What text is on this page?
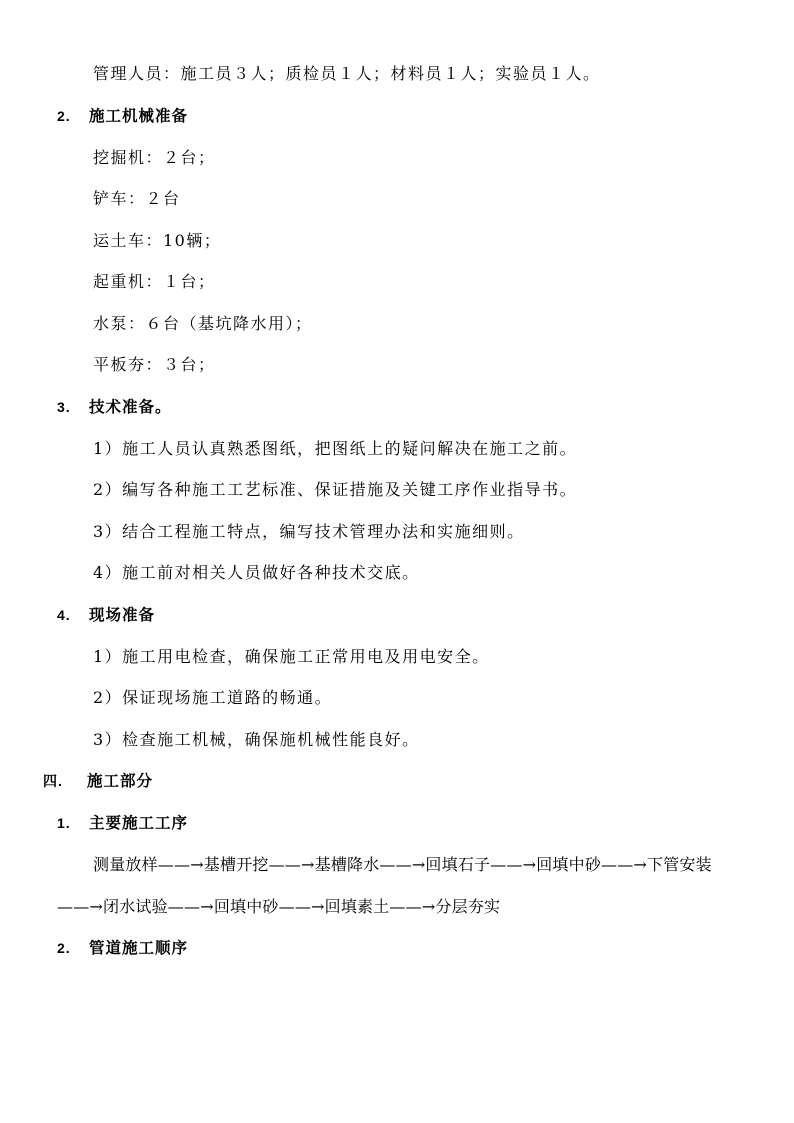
管理人员：施工员３人；质检员１人；材料员１人；实验员１人。
2. 施工机械准备
挖掘机：２台；
铲车：２台
运土车：10辆；
起重机：１台；
水泵：６台（基坑降水用）；
平板夯：３台；
3. 技术准备。
1）施工人员认真熟悉图纸，把图纸上的疑问解决在施工之前。
2）编写各种施工工艺标准、保证措施及关键工序作业指导书。
3）结合工程施工特点，编写技术管理办法和实施细则。
4）施工前对相关人员做好各种技术交底。
4. 现场准备
1）施工用电检查，确保施工正常用电及用电安全。
2）保证现场施工道路的畅通。
3）检查施工机械，确保施机械性能良好。
四. 施工部分
1. 主要施工工序
测量放样——→基槽开挖——→基槽降水——→回填石子——→回填中砂——→下管安装
——→闭水试验——→回填中砂——→回填素土——→分层夯实
2. 管道施工顺序
